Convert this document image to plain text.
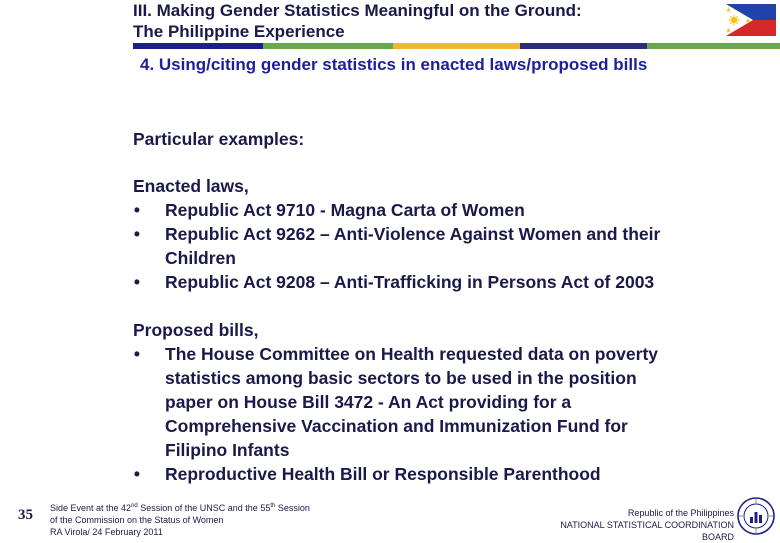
III. Making Gender Statistics Meaningful on the Ground:
The Philippine Experience
4. Using/citing gender statistics in enacted laws/proposed bills
Particular examples:
Enacted laws,
• Republic Act 9710 - Magna Carta of Women
• Republic Act 9262 – Anti-Violence Against Women and their
Children
• Republic Act 9208 – Anti-Trafficking in Persons Act of 2003
Proposed bills,
• The House Committee on Health requested data on poverty
statistics among basic sectors to be used in the position
paper on House Bill 3472 - An Act providing for a
Comprehensive Vaccination and Immunization Fund for
Filipino Infants
• Reproductive Health Bill or Responsible Parenthood
35 Side Event at the 42nd Session of the UNSC and the 55th Session
of the Commission on the Status of Women
RA Virola/ 24 February 2011
Republic of the Philippines
NATIONAL STATISTICAL COORDINATION
BOARD
